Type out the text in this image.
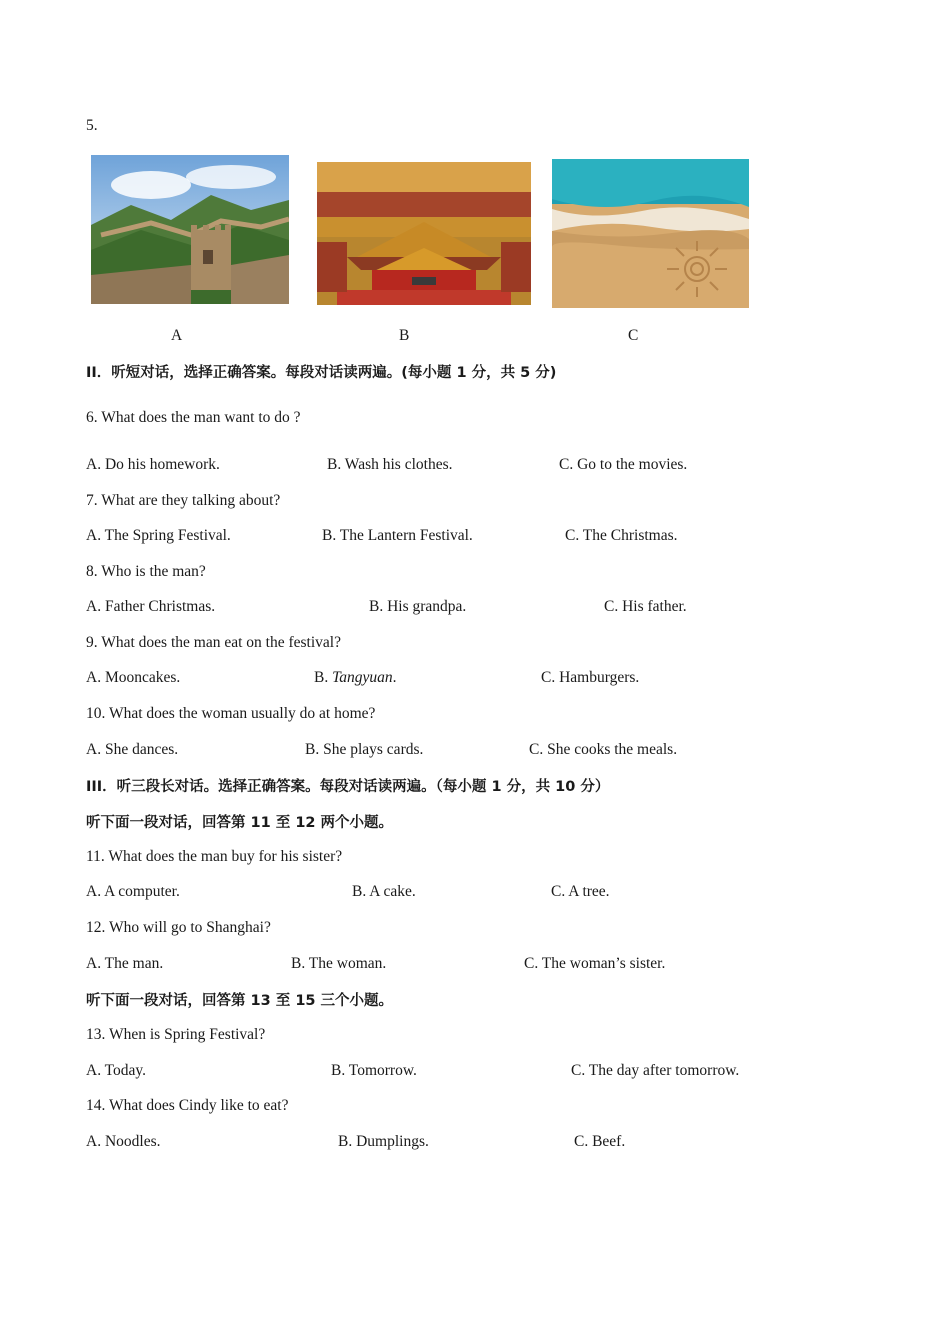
5.
A	B	C
II．听短对话，选择正确答案。每段对话读两遍。(每小题 1 分，共 5 分)
6. What does the man want to do ?
A. Do his homework.	B. Wash his clothes.	C. Go to the movies.
7. What are they talking about?
A. The Spring Festival.	B. The Lantern Festival.	C. The Christmas.
8. Who is the man?
A. Father Christmas.	B. His grandpa.	C. His father.
9. What does the man eat on the festival?
A. Mooncakes.	B. Tangyuan.	C. Hamburgers.
10. What does the woman usually do at home?
A. She dances.	B. She plays cards.	C. She cooks the meals.
III．听三段长对话。选择正确答案。每段对话读两遍。（每小题 1 分，共 10 分）
听下面一段对话，回答第 11 至 12 两个小题。
11. What does the man buy for his sister?
A. A computer.	B. A cake.	C. A tree.
12. Who will go to Shanghai?
A. The man.	B. The woman.	C. The woman’s sister.
听下面一段对话，回答第 13 至 15 三个小题。
13. When is Spring Festival?
A. Today.	B. Tomorrow.	C. The day after tomorrow.
14. What does Cindy like to eat?
A. Noodles.	B. Dumplings.	C. Beef.
